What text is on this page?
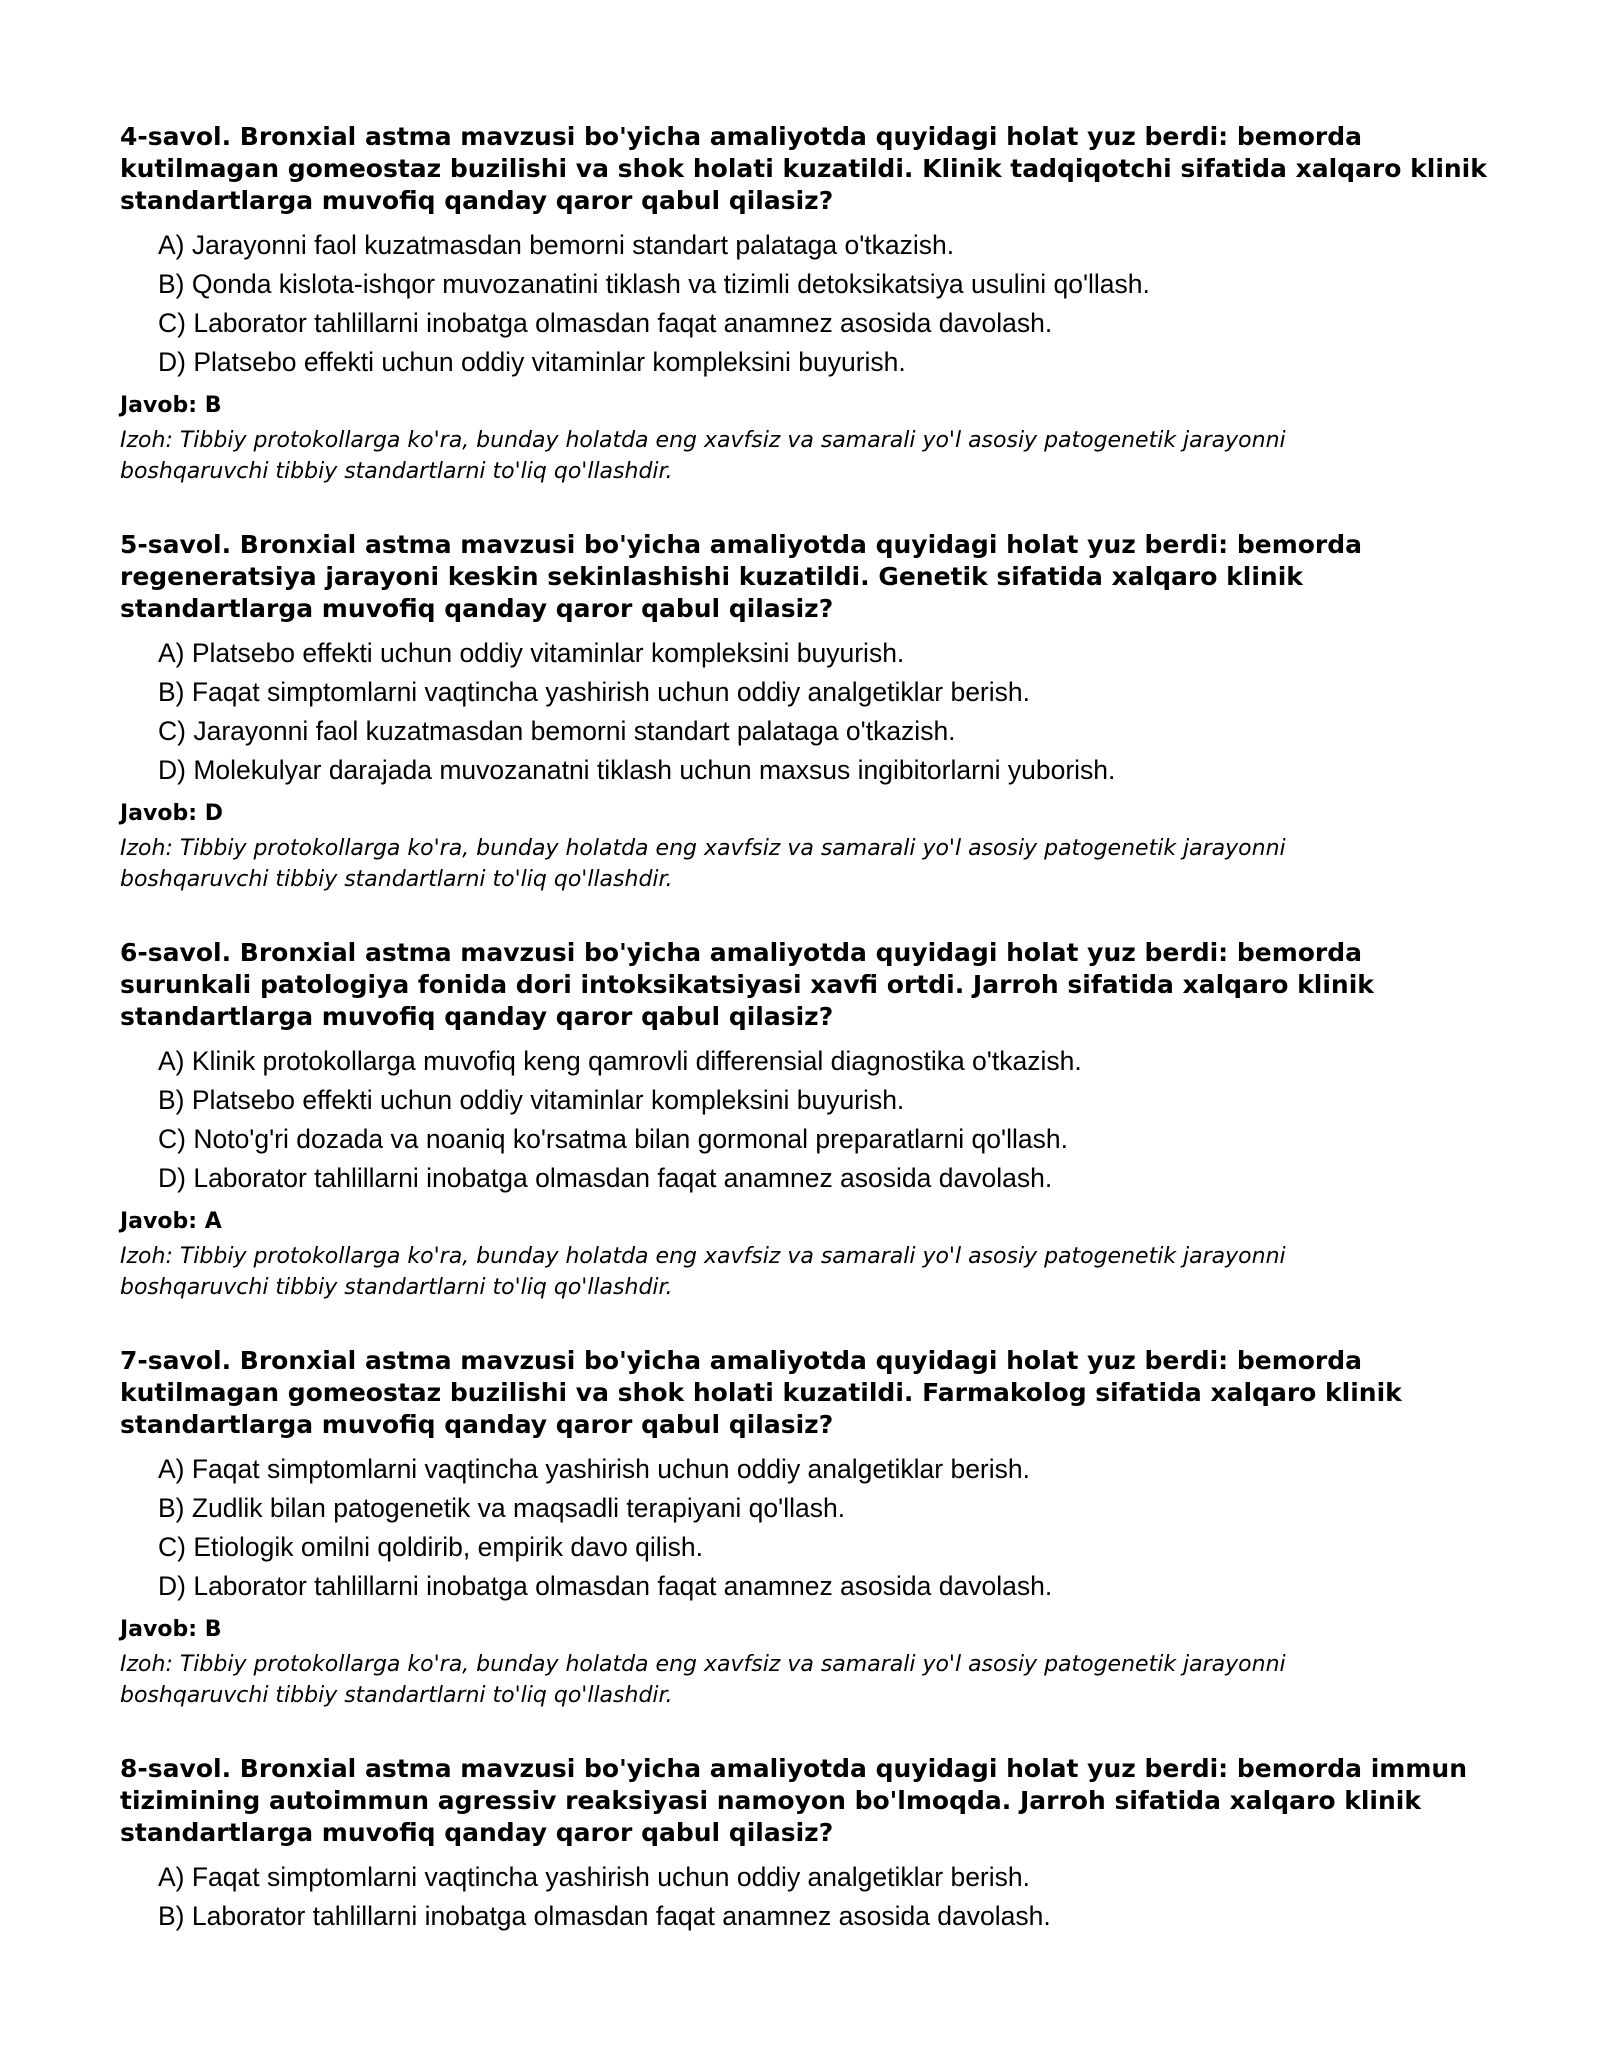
4-savol. Bronxial astma mavzusi bo'yicha amaliyotda quyidagi holat yuz berdi: bemorda kutilmagan gomeostaz buzilishi va shok holati kuzatildi. Klinik tadqiqotchi sifatida xalqaro klinik standartlarga muvofiq qanday qaror qabul qilasiz?

A) Jarayonni faol kuzatmasdan bemorni standart palataga o'tkazish.
B) Qonda kislota-ishqor muvozanatini tiklash va tizimli detoksikatsiya usulini qo'llash.
C) Laborator tahlillarni inobatga olmasdan faqat anamnez asosida davolash.
D) Platsebo effekti uchun oddiy vitaminlar kompleksini buyurish.

Javob: B

Izoh: Tibbiy protokollarga ko'ra, bunday holatda eng xavfsiz va samarali yo'l asosiy patogenetik jarayonni
boshqaruvchi tibbiy standartlarni to'liq qo'llashdir.

5-savol. Bronxial astma mavzusi bo'yicha amaliyotda quyidagi holat yuz berdi: bemorda regeneratsiya jarayoni keskin sekinlashishi kuzatildi. Genetik sifatida xalqaro klinik standartlarga muvofiq qanday qaror qabul qilasiz?

A) Platsebo effekti uchun oddiy vitaminlar kompleksini buyurish.
B) Faqat simptomlarni vaqtincha yashirish uchun oddiy analgetiklar berish.
C) Jarayonni faol kuzatmasdan bemorni standart palataga o'tkazish.
D) Molekulyar darajada muvozanatni tiklash uchun maxsus ingibitorlarni yuborish.

Javob: D

Izoh: Tibbiy protokollarga ko'ra, bunday holatda eng xavfsiz va samarali yo'l asosiy patogenetik jarayonni
boshqaruvchi tibbiy standartlarni to'liq qo'llashdir.

6-savol. Bronxial astma mavzusi bo'yicha amaliyotda quyidagi holat yuz berdi: bemorda surunkali patologiya fonida dori intoksikatsiyasi xavfi ortdi. Jarroh sifatida xalqaro klinik standartlarga muvofiq qanday qaror qabul qilasiz?

A) Klinik protokollarga muvofiq keng qamrovli differensial diagnostika o'tkazish.
B) Platsebo effekti uchun oddiy vitaminlar kompleksini buyurish.
C) Noto'g'ri dozada va noaniq ko'rsatma bilan gormonal preparatlarni qo'llash.
D) Laborator tahlillarni inobatga olmasdan faqat anamnez asosida davolash.

Javob: A

Izoh: Tibbiy protokollarga ko'ra, bunday holatda eng xavfsiz va samarali yo'l asosiy patogenetik jarayonni
boshqaruvchi tibbiy standartlarni to'liq qo'llashdir.

7-savol. Bronxial astma mavzusi bo'yicha amaliyotda quyidagi holat yuz berdi: bemorda kutilmagan gomeostaz buzilishi va shok holati kuzatildi. Farmakolog sifatida xalqaro klinik standartlarga muvofiq qanday qaror qabul qilasiz?

A) Faqat simptomlarni vaqtincha yashirish uchun oddiy analgetiklar berish.
B) Zudlik bilan patogenetik va maqsadli terapiyani qo'llash.
C) Etiologik omilni qoldirib, empirik davo qilish.
D) Laborator tahlillarni inobatga olmasdan faqat anamnez asosida davolash.

Javob: B

Izoh: Tibbiy protokollarga ko'ra, bunday holatda eng xavfsiz va samarali yo'l asosiy patogenetik jarayonni
boshqaruvchi tibbiy standartlarni to'liq qo'llashdir.

8-savol. Bronxial astma mavzusi bo'yicha amaliyotda quyidagi holat yuz berdi: bemorda immun tizimining autoimmun agressiv reaksiyasi namoyon bo'lmoqda. Jarroh sifatida xalqaro klinik standartlarga muvofiq qanday qaror qabul qilasiz?

A) Faqat simptomlarni vaqtincha yashirish uchun oddiy analgetiklar berish.
B) Laborator tahlillarni inobatga olmasdan faqat anamnez asosida davolash.
